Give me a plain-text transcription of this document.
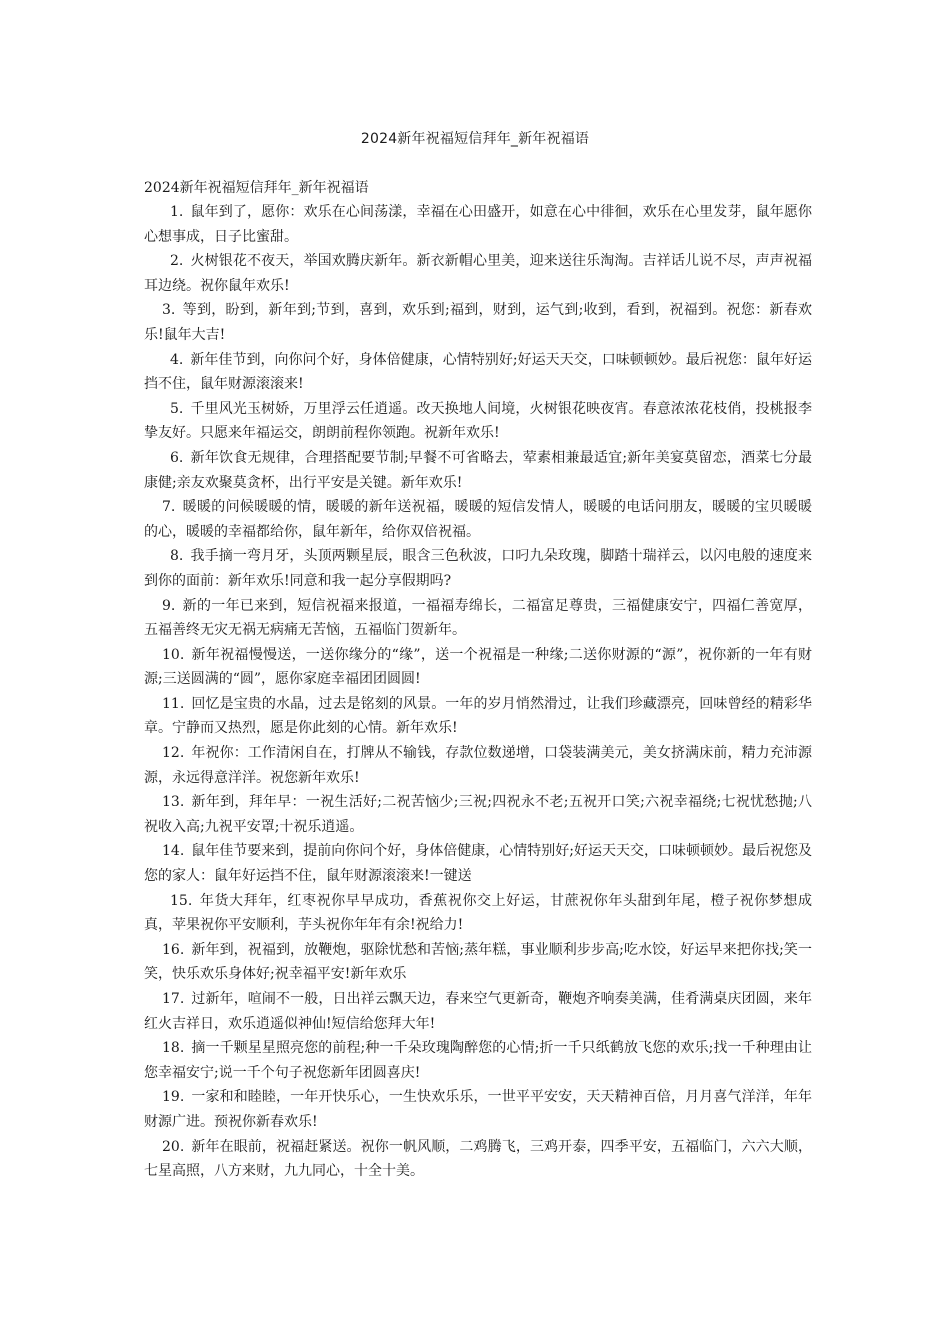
2024新年祝福短信拜年_新年祝福语
2024新年祝福短信拜年_新年祝福语

1. 鼠年到了，愿你：欢乐在心间荡漾，幸福在心田盛开，如意在心中徘徊，欢乐在心里发芽，鼠年愿你心想事成，日子比蜜甜。

2. 火树银花不夜天，举国欢腾庆新年。新衣新帽心里美，迎来送往乐淘淘。吉祥话儿说不尽，声声祝福耳边绕。祝你鼠年欢乐!

3. 等到，盼到，新年到;节到，喜到，欢乐到;福到，财到，运气到;收到，看到，祝福到。祝您：新春欢乐!鼠年大吉!

4. 新年佳节到，向你问个好，身体倍健康，心情特别好;好运天天交，口味顿顿妙。最后祝您：鼠年好运挡不住，鼠年财源滚滚来!

5. 千里风光玉树娇，万里浮云任逍遥。改天换地人间境，火树银花映夜宵。春意浓浓花枝俏，投桃报李挚友好。只愿来年福运交，朗朗前程你领跑。祝新年欢乐!

6. 新年饮食无规律，合理搭配要节制;早餐不可省略去，荤素相兼最适宜;新年美宴莫留恋，酒菜七分最康健;亲友欢聚莫贪杯，出行平安是关键。新年欢乐!

7. 暖暖的问候暖暖的情，暖暖的新年送祝福，暖暖的短信发情人，暖暖的电话问朋友，暖暖的宝贝暖暖的心，暖暖的幸福都给你，鼠年新年，给你双倍祝福。

8. 我手摘一弯月牙，头顶两颗星辰，眼含三色秋波，口叼九朵玫瑰，脚踏十瑞祥云，以闪电般的速度来到你的面前：新年欢乐!同意和我一起分享假期吗?

9. 新的一年已来到，短信祝福来报道，一福福寿绵长，二福富足尊贵，三福健康安宁，四福仁善宽厚，五福善终无灾无祸无病痛无苦恼，五福临门贺新年。

10. 新年祝福慢慢送，一送你缘分的“缘”，送一个祝福是一种缘;二送你财源的“源”，祝你新的一年有财源;三送圆满的“圆”，愿你家庭幸福团团圆圆!

11. 回忆是宝贵的水晶，过去是铭刻的风景。一年的岁月悄然滑过，让我们珍藏漂亮，回味曾经的精彩华章。宁静而又热烈，愿是你此刻的心情。新年欢乐!

12. 年祝你：工作清闲自在，打牌从不输钱，存款位数递增，口袋装满美元，美女挤满床前，精力充沛源源，永远得意洋洋。祝您新年欢乐!

13. 新年到，拜年早：一祝生活好;二祝苦恼少;三祝;四祝永不老;五祝开口笑;六祝幸福绕;七祝忧愁抛;八祝收入高;九祝平安罩;十祝乐逍遥。

14. 鼠年佳节要来到，提前向你问个好，身体倍健康，心情特别好;好运天天交，口味顿顿妙。最后祝您及您的家人：鼠年好运挡不住，鼠年财源滚滚来!一键送

15. 年货大拜年，红枣祝你早早成功，香蕉祝你交上好运，甘蔗祝你年头甜到年尾，橙子祝你梦想成真，苹果祝你平安顺利，芋头祝你年年有余!祝给力!

16. 新年到，祝福到，放鞭炮，驱除忧愁和苦恼;蒸年糕，事业顺利步步高;吃水饺，好运早来把你找;笑一笑，快乐欢乐身体好;祝幸福平安!新年欢乐

17. 过新年，喧闹不一般，日出祥云飘天边，春来空气更新奇，鞭炮齐响奏美满，佳肴满桌庆团圆，来年红火吉祥日，欢乐逍遥似神仙!短信给您拜大年!

18. 摘一千颗星星照亮您的前程;种一千朵玫瑰陶醉您的心情;折一千只纸鹤放飞您的欢乐;找一千种理由让您幸福安宁;说一千个句子祝您新年团圆喜庆!

19. 一家和和睦睦，一年开快乐心，一生快欢乐乐，一世平平安安，天天精神百倍，月月喜气洋洋，年年财源广进。预祝你新春欢乐!

20. 新年在眼前，祝福赶紧送。祝你一帆风顺，二鸡腾飞，三鸡开泰，四季平安，五福临门，六六大顺，七星高照，八方来财，九九同心，十全十美。
